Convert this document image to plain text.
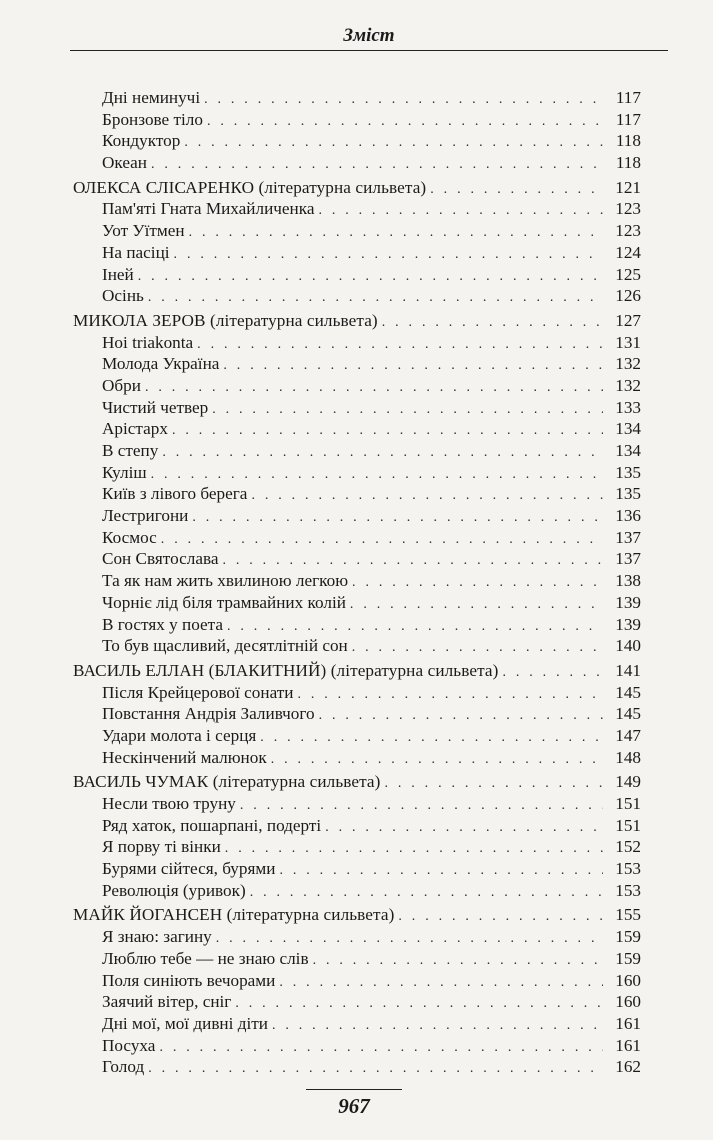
Зміст
Дні неминучі . . .	117
Бронзове тіло . . .	117
Кондуктор . . .	118
Океан . . .	118
ОЛЕКСА СЛІСАРЕНКО (літературна сильвета) . . .	121
Пам'яті Гната Михайличенка . . .	123
Уот Уїтмен . . .	123
На пасіці . . .	124
Іней . . .	125
Осінь . . .	126
МИКОЛА ЗЕРОВ (літературна сильвета) . . .	127
Hoi triakonta . . .	131
Молода Україна . . .	132
Обри . . .	132
Чистий четвер . . .	133
Арістарх . . .	134
В степу . . .	134
Куліш . . .	135
Київ з лівого берега . . .	135
Лестригони . . .	136
Космос . . .	137
Сон Святослава . . .	137
Та як нам жить хвилиною легкою . . .	138
Чорніє лід біля трамвайних колій . . .	139
В гостях у поета . . .	139
То був щасливий, десятлітній сон . . .	140
ВАСИЛЬ ЕЛЛАН (БЛАКИТНИЙ) (літературна сильвета) . . .	141
Після Крейцерової сонати . . .	145
Повстання Андрія Заливчого . . .	145
Удари молота і серця . . .	147
Нескінчений малюнок . . .	148
ВАСИЛЬ ЧУМАК (літературна сильвета) . . .	149
Несли твою труну . . .	151
Ряд хаток, пошарпані, подерті . . .	151
Я порву ті вінки . . .	152
Бурями сійтеся, бурями . . .	153
Революція (уривок) . . .	153
МАЙК ЙОГАНСЕН (літературна сильвета) . . .	155
Я знаю: загину . . .	159
Люблю тебе — не знаю слів . . .	159
Поля синіють вечорами . . .	160
Заячий вітер, сніг . . .	160
Дні мої, мої дивні діти . . .	161
Посуха . . .	161
Голод . . .	162
967
